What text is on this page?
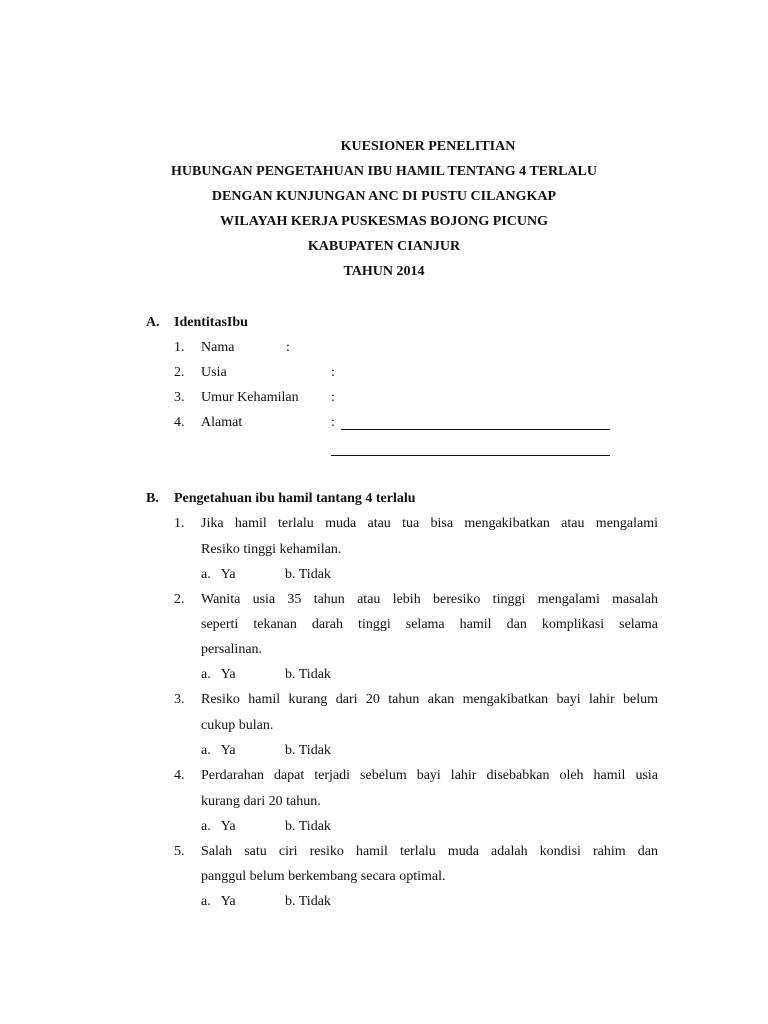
KUESIONER PENELITIAN
HUBUNGAN PENGETAHUAN IBU HAMIL TENTANG 4 TERLALU
DENGAN KUNJUNGAN ANC DI PUSTU CILANGKAP
WILAYAH KERJA PUSKESMAS BOJONG PICUNG
KABUPATEN CIANJUR
TAHUN 2014
A. IdentitasIbu
1. Nama	:
2. Usia	:
3. Umur Kehamilan :
4. Alamat	:
B. Pengetahuan ibu hamil tantang 4 terlalu
1. Jika hamil terlalu muda atau tua bisa mengakibatkan atau mengalami
Resiko tinggi kehamilan.
a.   Ya	b. Tidak
2. Wanita usia 35 tahun atau lebih beresiko tinggi mengalami masalah
seperti tekanan darah tinggi selama hamil dan komplikasi selama
persalinan.
a.   Ya	b. Tidak
3. Resiko hamil kurang dari 20 tahun akan mengakibatkan bayi lahir belum
cukup bulan.
a.   Ya	b. Tidak
4. Perdarahan dapat terjadi sebelum bayi lahir disebabkan oleh hamil usia
kurang dari 20 tahun.
a.   Ya	b. Tidak
5. Salah satu ciri resiko hamil terlalu muda adalah kondisi rahim dan
panggul belum berkembang secara optimal.
a.   Ya	b. Tidak
